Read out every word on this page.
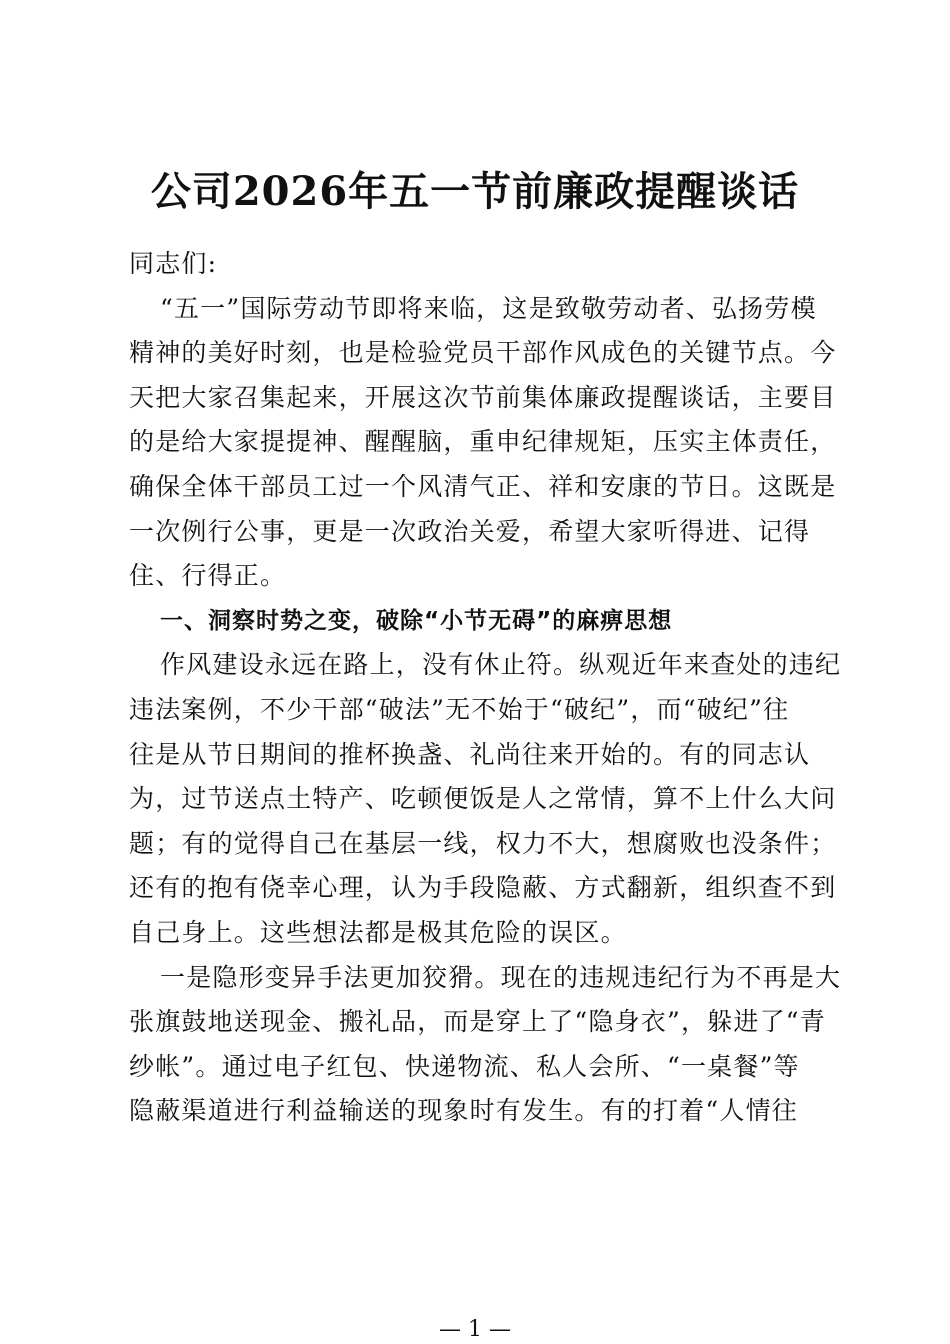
公司2026年五一节前廉政提醒谈话
同志们:
“五一”国际劳动节即将来临，这是致敬劳动者、弘扬劳模
精神的美好时刻，也是检验党员干部作风成色的关键节点。今
天把大家召集起来，开展这次节前集体廉政提醒谈话，主要目
的是给大家提提神、醒醒脑，重申纪律规矩，压实主体责任，
确保全体干部员工过一个风清气正、祥和安康的节日。这既是
一次例行公事，更是一次政治关爱，希望大家听得进、记得
住、行得正。
一、洞察时势之变，破除“小节无碍”的麻痹思想
作风建设永远在路上，没有休止符。纵观近年来查处的违纪
违法案例，不少干部“破法”无不始于“破纪”，而“破纪”往
往是从节日期间的推杯换盏、礼尚往来开始的。有的同志认
为，过节送点土特产、吃顿便饭是人之常情，算不上什么大问
题；有的觉得自己在基层一线，权力不大，想腐败也没条件；
还有的抱有侥幸心理，认为手段隐蔽、方式翻新，组织查不到
自己身上。这些想法都是极其危险的误区。
一是隐形变异手法更加狡猾。现在的违规违纪行为不再是大
张旗鼓地送现金、搬礼品，而是穿上了“隐身衣”，躲进了“青
纱帐”。通过电子红包、快递物流、私人会所、“一桌餐”等
隐蔽渠道进行利益输送的现象时有发生。有的打着“人情往
— 1 —
